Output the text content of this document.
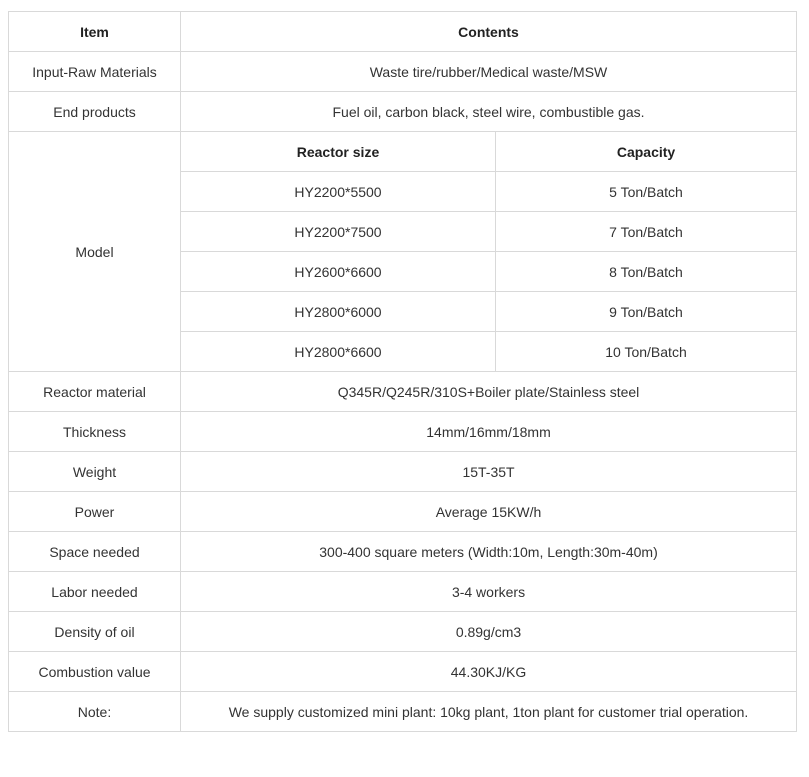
Item	Contents	
Input-Raw Materials	Waste tire/rubber/Medical waste/MSW	
End products	Fuel oil, carbon black, steel wire, combustible gas.	
Model	Reactor size	Capacity
	HY2200*5500	5 Ton/Batch
	HY2200*7500	7 Ton/Batch
	HY2600*6600	8 Ton/Batch
	HY2800*6000	9 Ton/Batch
	HY2800*6600	10 Ton/Batch
Reactor material	Q345R/Q245R/310S+Boiler plate/Stainless steel	
Thickness	14mm/16mm/18mm	
Weight	15T-35T	
Power	Average 15KW/h	
Space needed	300-400 square meters (Width:10m, Length:30m-40m)	
Labor needed	3-4 workers	
Density of oil	0.89g/cm3	
Combustion value	44.30KJ/KG	
Note:	We supply customized mini plant: 10kg plant, 1ton plant for customer trial operation.	
